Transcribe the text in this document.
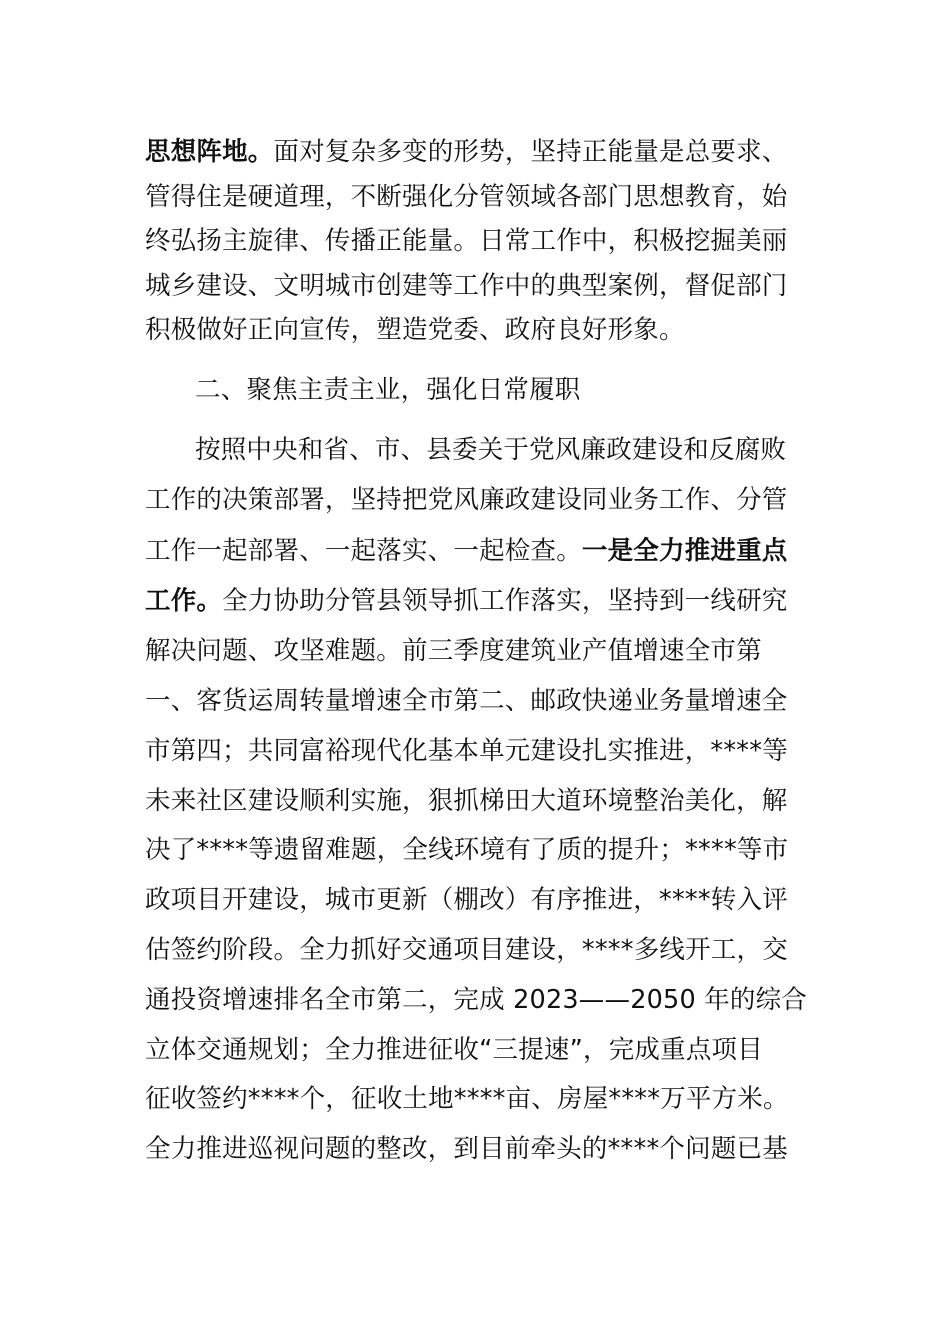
思想阵地。面对复杂多变的形势，坚持正能量是总要求、
管得住是硬道理，不断强化分管领域各部门思想教育，始
终弘扬主旋律、传播正能量。日常工作中，积极挖掘美丽
城乡建设、文明城市创建等工作中的典型案例，督促部门
积极做好正向宣传，塑造党委、政府良好形象。
二、聚焦主责主业，强化日常履职
按照中央和省、市、县委关于党风廉政建设和反腐败
工作的决策部署，坚持把党风廉政建设同业务工作、分管
工作一起部署、一起落实、一起检查。一是全力推进重点
工作。全力协助分管县领导抓工作落实，坚持到一线研究
解决问题、攻坚难题。前三季度建筑业产值增速全市第
一、客货运周转量增速全市第二、邮政快递业务量增速全
市第四；共同富裕现代化基本单元建设扎实推进，****等
未来社区建设顺利实施，狠抓梯田大道环境整治美化，解
决了****等遗留难题，全线环境有了质的提升；****等市
政项目开建设，城市更新（棚改）有序推进，****转入评
估签约阶段。全力抓好交通项目建设，****多线开工，交
通投资增速排名全市第二，完成 2023——2050 年的综合
立体交通规划；全力推进征收“三提速”，完成重点项目
征收签约****个，征收土地****亩、房屋****万平方米。
全力推进巡视问题的整改，到目前牵头的****个问题已基
